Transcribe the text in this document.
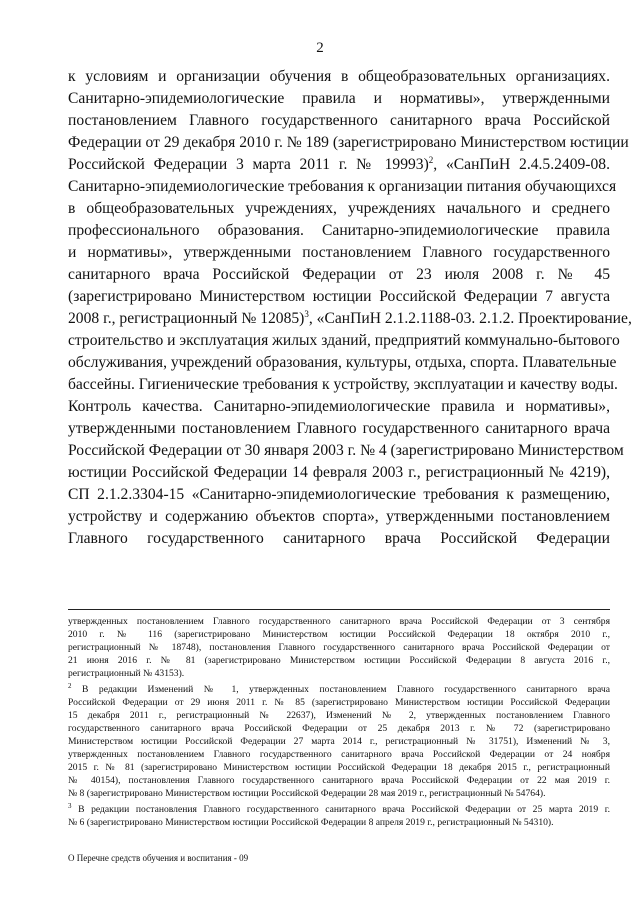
2
к условиям и организации обучения в общеобразовательных организациях.
Санитарно-эпидемиологические правила и нормативы», утвержденными
постановлением Главного государственного санитарного врача Российской
Федерации от 29 декабря 2010 г. № 189 (зарегистрировано Министерством юстиции
Российской Федерации 3 марта 2011 г. № 19993)$^2$, «СанПиН 2.4.5.2409-08.
Санитарно-эпидемиологические требования к организации питания обучающихся
в общеобразовательных учреждениях, учреждениях начального и среднего
профессионального образования. Санитарно-эпидемиологические правила
и нормативы», утвержденными постановлением Главного государственного
санитарного врача Российской Федерации от 23 июля 2008 г. № 45
(зарегистрировано Министерством юстиции Российской Федерации 7 августа
2008 г., регистрационный № 12085)$^3$, «СанПиН 2.1.2.1188-03. 2.1.2. Проектирование,
строительство и эксплуатация жилых зданий, предприятий коммунально-бытового
обслуживания, учреждений образования, культуры, отдыха, спорта. Плавательные
бассейны. Гигиенические требования к устройству, эксплуатации и качеству воды.
Контроль качества. Санитарно-эпидемиологические правила и нормативы»,
утвержденными постановлением Главного государственного санитарного врача
Российской Федерации от 30 января 2003 г. № 4 (зарегистрировано Министерством
юстиции Российской Федерации 14 февраля 2003 г., регистрационный № 4219),
СП 2.1.2.3304-15 «Санитарно-эпидемиологические требования к размещению,
устройству и содержанию объектов спорта», утвержденными постановлением
Главного государственного санитарного врача Российской Федерации
утвержденных постановлением Главного государственного санитарного врача Российской Федерации от 3 сентября
2010 г. № 116 (зарегистрировано Министерством юстиции Российской Федерации 18 октября 2010 г.,
регистрационный № 18748), постановления Главного государственного санитарного врача Российской Федерации от
21 июня 2016 г. № 81 (зарегистрировано Министерством юстиции Российской Федерации 8 августа 2016 г.,
регистрационный № 43153).
$^2$ В редакции Изменений № 1, утвержденных постановлением Главного государственного санитарного врача
Российской Федерации от 29 июня 2011 г. № 85 (зарегистрировано Министерством юстиции Российской Федерации
15 декабря 2011 г., регистрационный № 22637), Изменений № 2, утвержденных постановлением Главного
государственного санитарного врача Российской Федерации от 25 декабря 2013 г. № 72 (зарегистрировано
Министерством юстиции Российской Федерации 27 марта 2014 г., регистрационный № 31751), Изменений № 3,
утвержденных постановлением Главного государственного санитарного врача Российской Федерации от 24 ноября
2015 г. № 81 (зарегистрировано Министерством юстиции Российской Федерации 18 декабря 2015 г., регистрационный
№ 40154), постановления Главного государственного санитарного врача Российской Федерации от 22 мая 2019 г.
№ 8 (зарегистрировано Министерством юстиции Российской Федерации 28 мая 2019 г., регистрационный № 54764).
$^3$ В редакции постановления Главного государственного санитарного врача Российской Федерации от 25 марта 2019 г.
№ 6 (зарегистрировано Министерством юстиции Российской Федерации 8 апреля 2019 г., регистрационный № 54310).
О Перечне средств обучения и воспитания - 09
